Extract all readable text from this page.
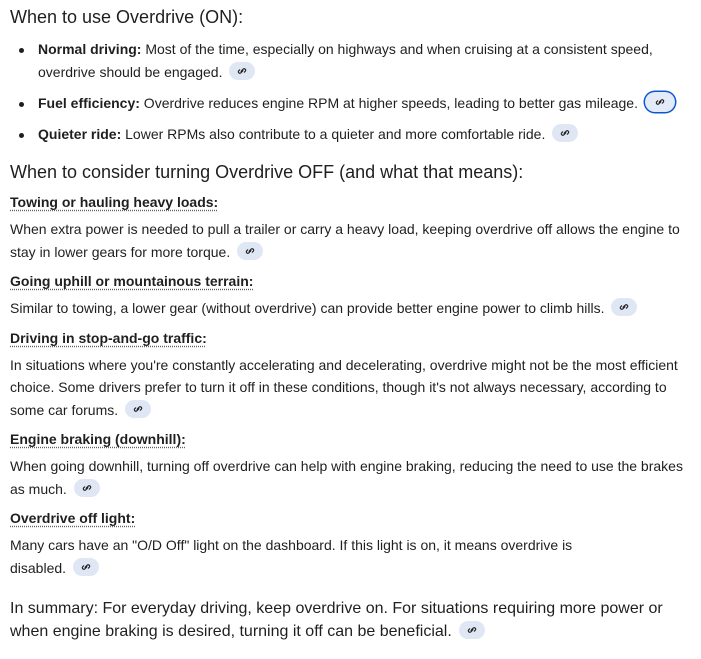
When to use Overdrive (ON):
Normal driving: Most of the time, especially on highways and when cruising at a consistent speed, overdrive should be engaged.
Fuel efficiency: Overdrive reduces engine RPM at higher speeds, leading to better gas mileage.
Quieter ride: Lower RPMs also contribute to a quieter and more comfortable ride.
When to consider turning Overdrive OFF (and what that means):
Towing or hauling heavy loads:

When extra power is needed to pull a trailer or carry a heavy load, keeping overdrive off allows the engine to stay in lower gears for more torque.

Going uphill or mountainous terrain:

Similar to towing, a lower gear (without overdrive) can provide better engine power to climb hills.

Driving in stop-and-go traffic:

In situations where you're constantly accelerating and decelerating, overdrive might not be the most efficient choice. Some drivers prefer to turn it off in these conditions, though it's not always necessary, according to some car forums.

Engine braking (downhill):

When going downhill, turning off overdrive can help with engine braking, reducing the need to use the brakes as much.

Overdrive off light:

Many cars have an "O/D Off" light on the dashboard. If this light is on, it means overdrive is disabled.

In summary: For everyday driving, keep overdrive on. For situations requiring more power or when engine braking is desired, turning it off can be beneficial.
